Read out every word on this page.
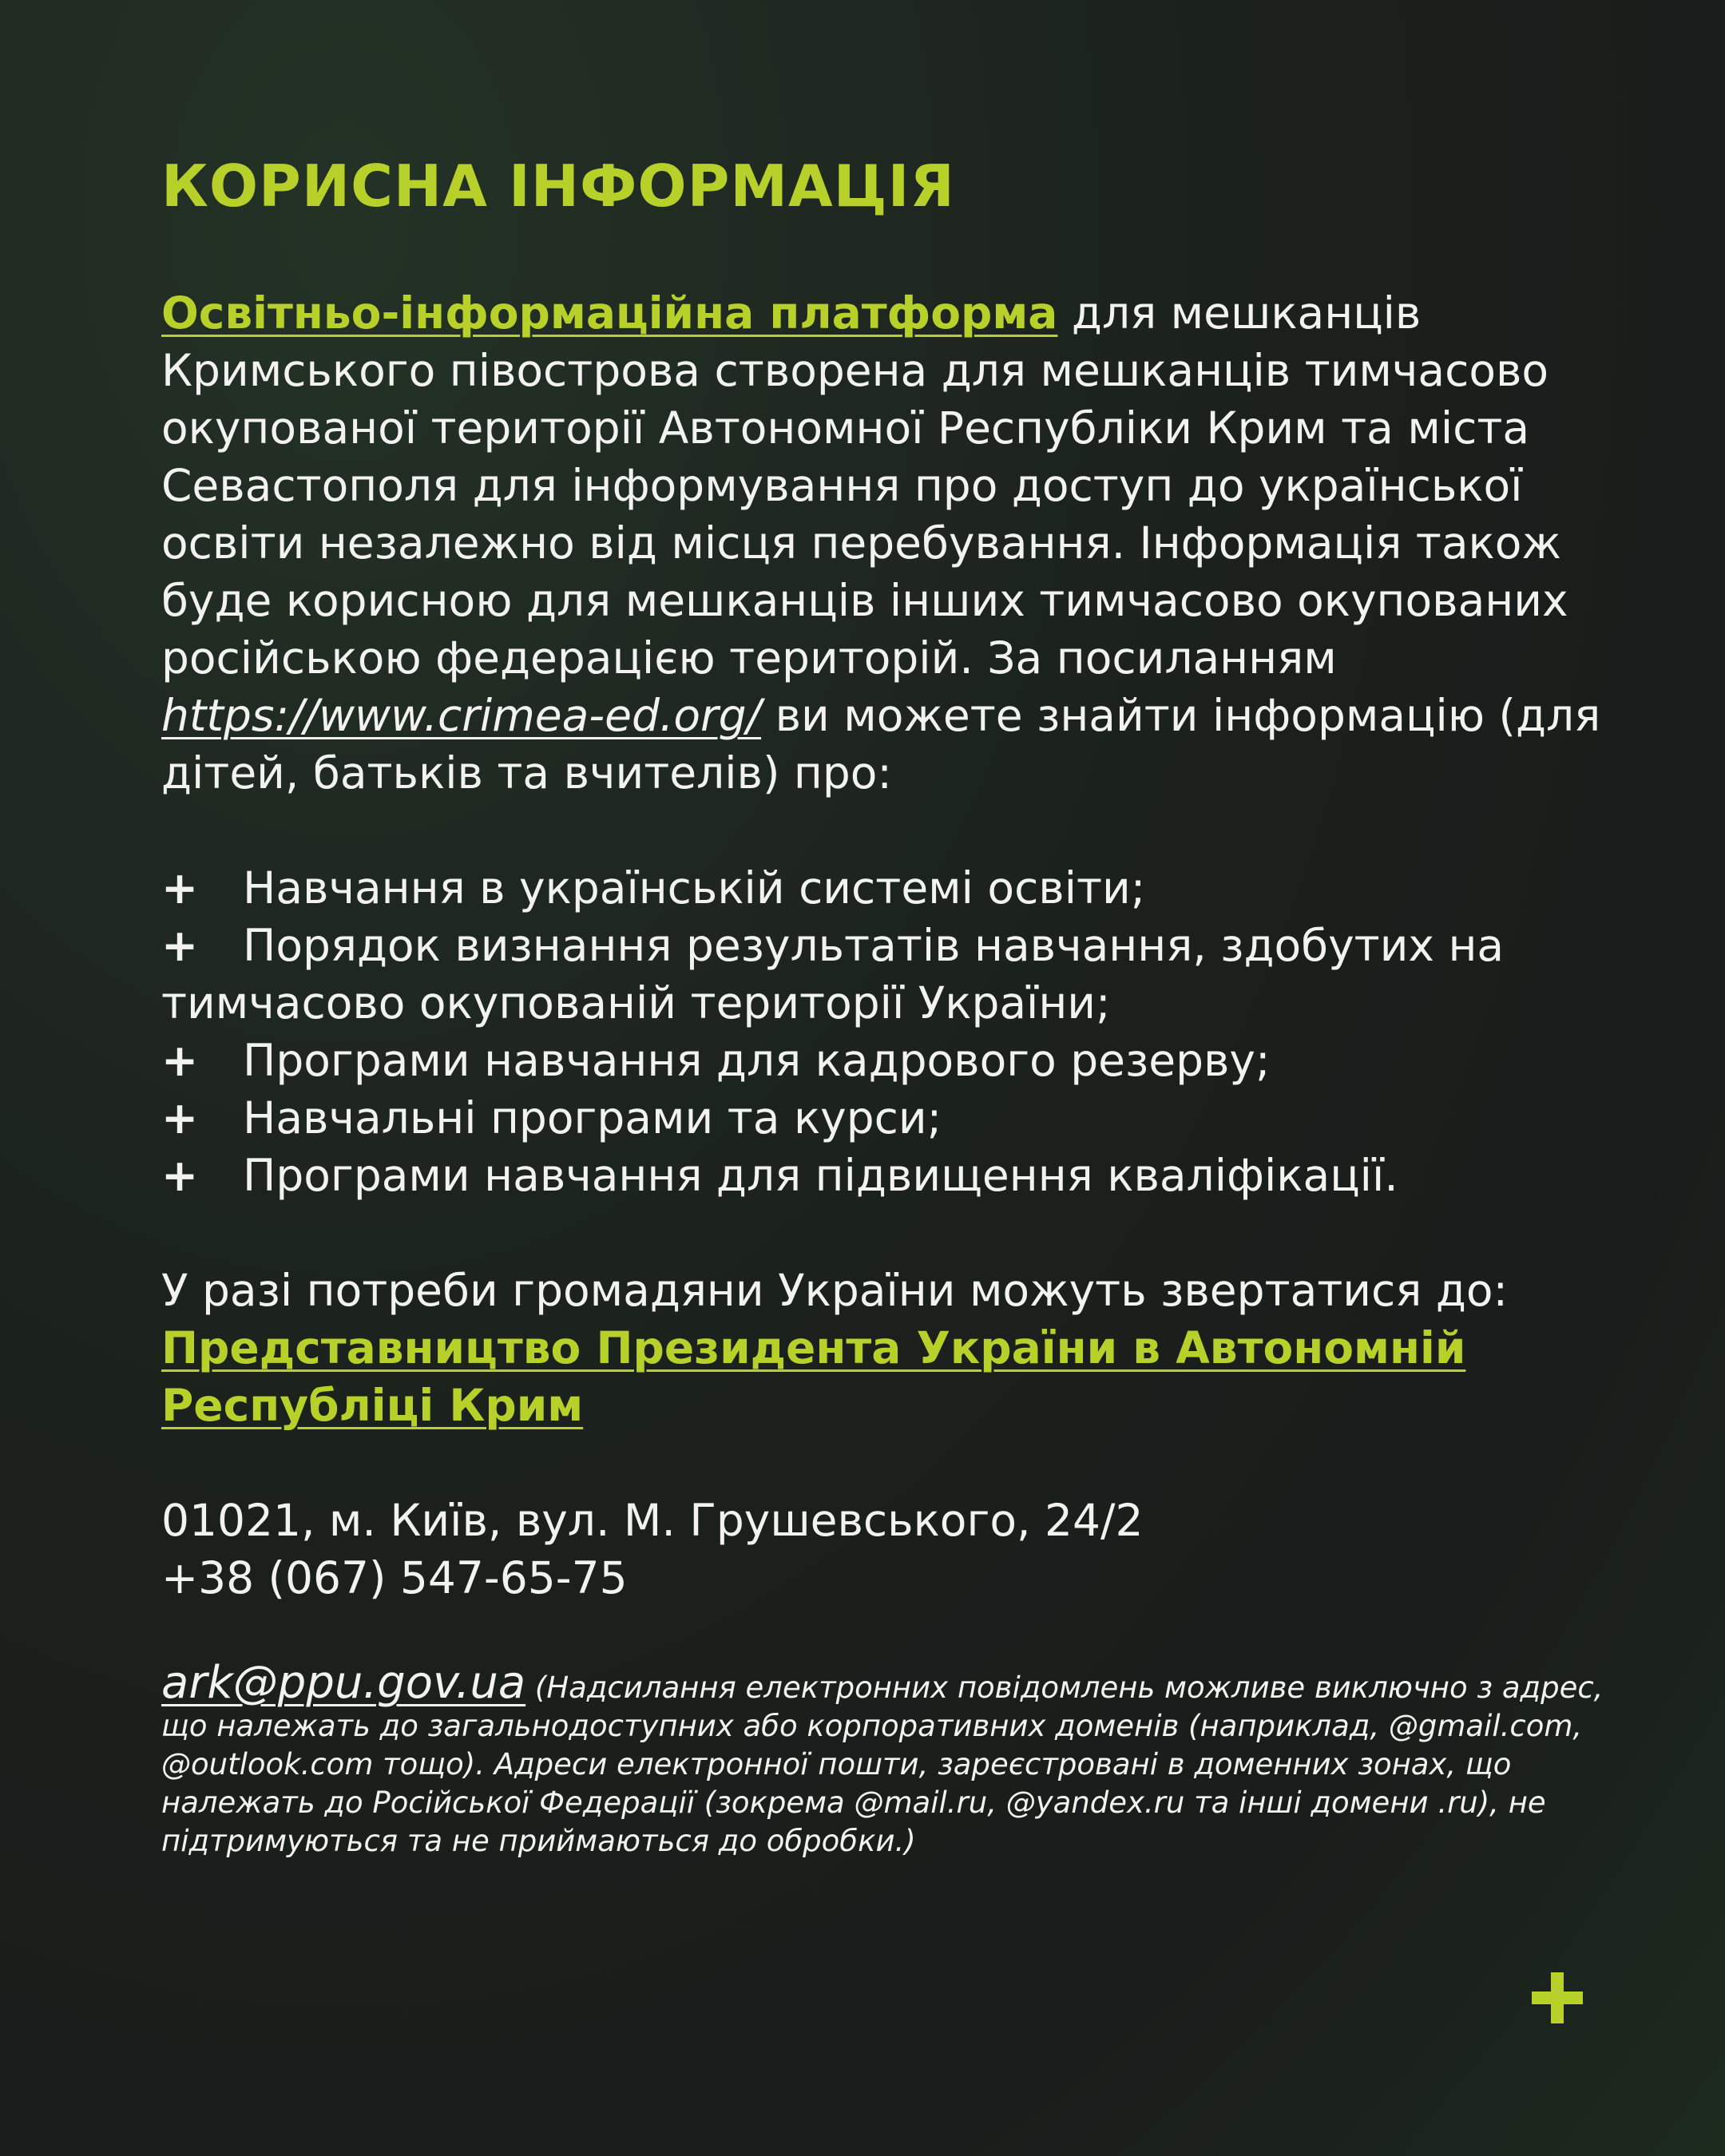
КОРИСНА ІНФОРМАЦІЯ

Освітньо-інформаційна платформа для мешканців Кримського півострова створена для мешканців тимчасово окупованої території Автономної Республіки Крим та міста Севастополя для інформування про доступ до української освіти незалежно від місця перебування. Інформація також буде корисною для мешканців інших тимчасово окупованих російською федерацією територій. За посиланням https://www.crimea-ed.org/ ви можете знайти інформацію (для дітей, батьків та вчителів) про:

+ Навчання в українській системі освіти;
+ Порядок визнання результатів навчання, здобутих на тимчасово окупованій території України;
+ Програми навчання для кадрового резерву;
+ Навчальні програми та курси;
+ Програми навчання для підвищення кваліфікації.
У разі потреби громадяни України можуть звертатися до:
Представництво Президента України в Автономній Республіці Крим
01021, м. Київ, вул. М. Грушевського, 24/2
+38 (067) 547-65-75
ark@ppu.gov.ua (Надсилання електронних повідомлень можливе виключно з адрес, що належать до загальнодоступних або корпоративних доменів (наприклад, @gmail.com, @outlook.com тощо). Адреси електронної пошти, зареєстровані в доменних зонах, що належать до Російської Федерації (зокрема @mail.ru, @yandex.ru та інші домени .ru), не підтримуються та не приймаються до обробки.)
